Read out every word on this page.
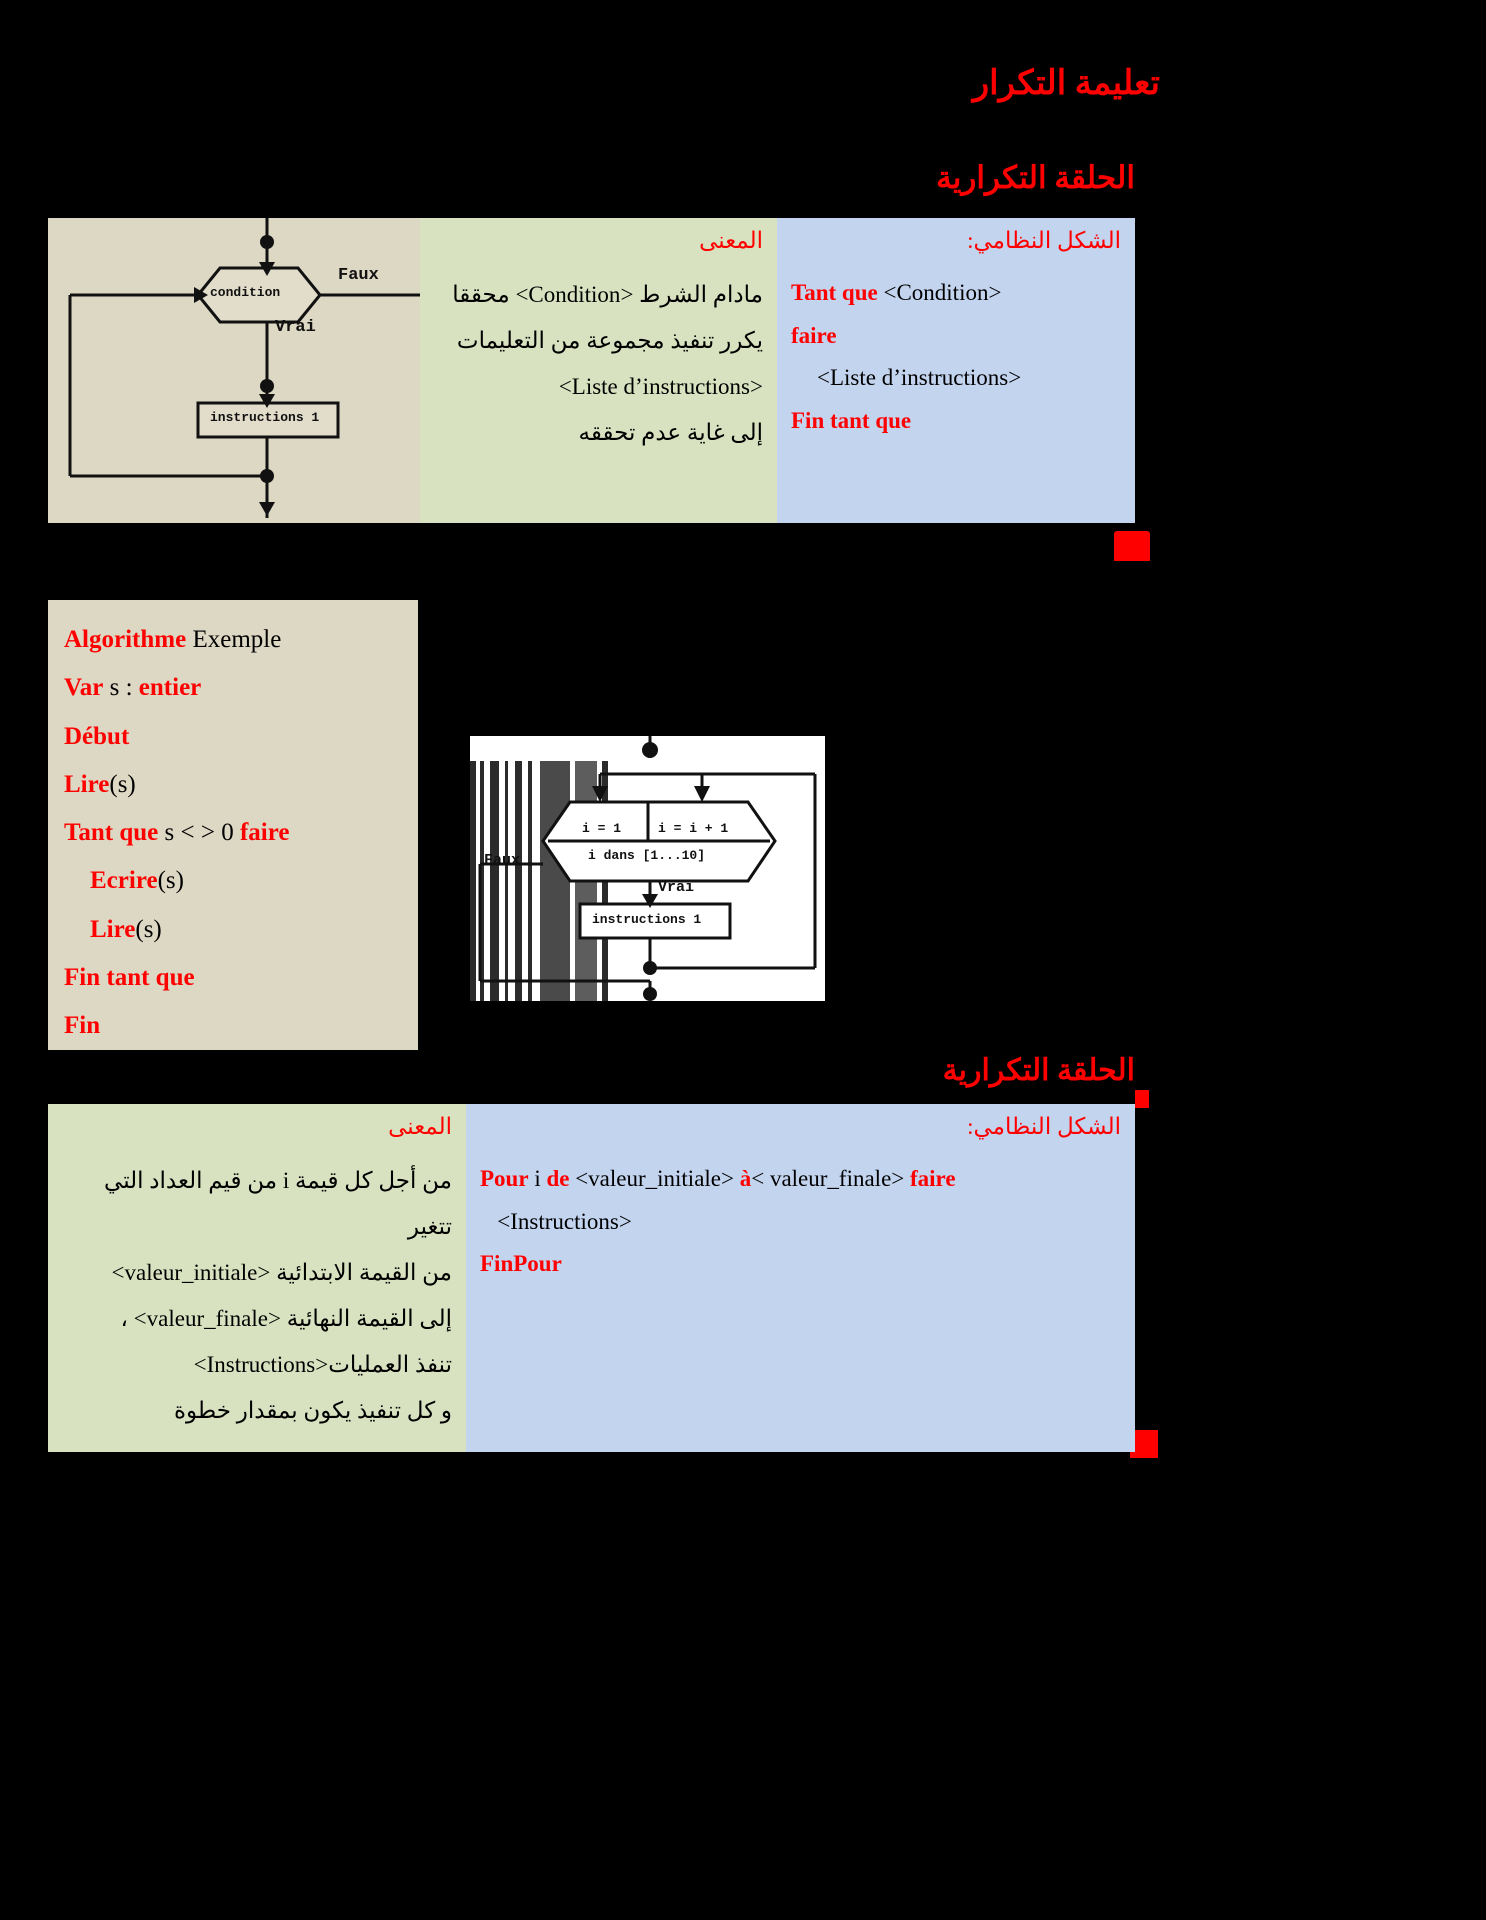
تعليمة التكرار
الحلقة التكرارية
الحلقة التكرارية
condition
Faux
Vrai
instructions 1
المعنى
مادام الشرط <Condition> محققا
يكرر تنفيذ مجموعة من التعليمات
<Liste d’instructions>
إلى غاية عدم تحققه
الشكل النظامي:
Tant que <Condition>
faire
<Liste d’instructions>
Fin tant que
Algorithme Exemple
Var s : entier
Début
Lire(s)
Tant que s < > 0 faire
Ecrire(s)
Lire(s)
Fin tant que
Fin
i = 1	i = i + 1
i dans [1...10]
Faux
Vrai
instructions 1
المعنى
من أجل كل قيمة i من قيم العداد التي تتغير
من القيمة الابتدائية <valeur_initiale>
إلى القيمة النهائية <valeur_finale> ،
تنفذ العمليات<Instructions>
و كل تنفيذ يكون بمقدار خطوة
الشكل النظامي:
Pour i de <valeur_initiale> à< valeur_finale> faire
<Instructions>
FinPour
